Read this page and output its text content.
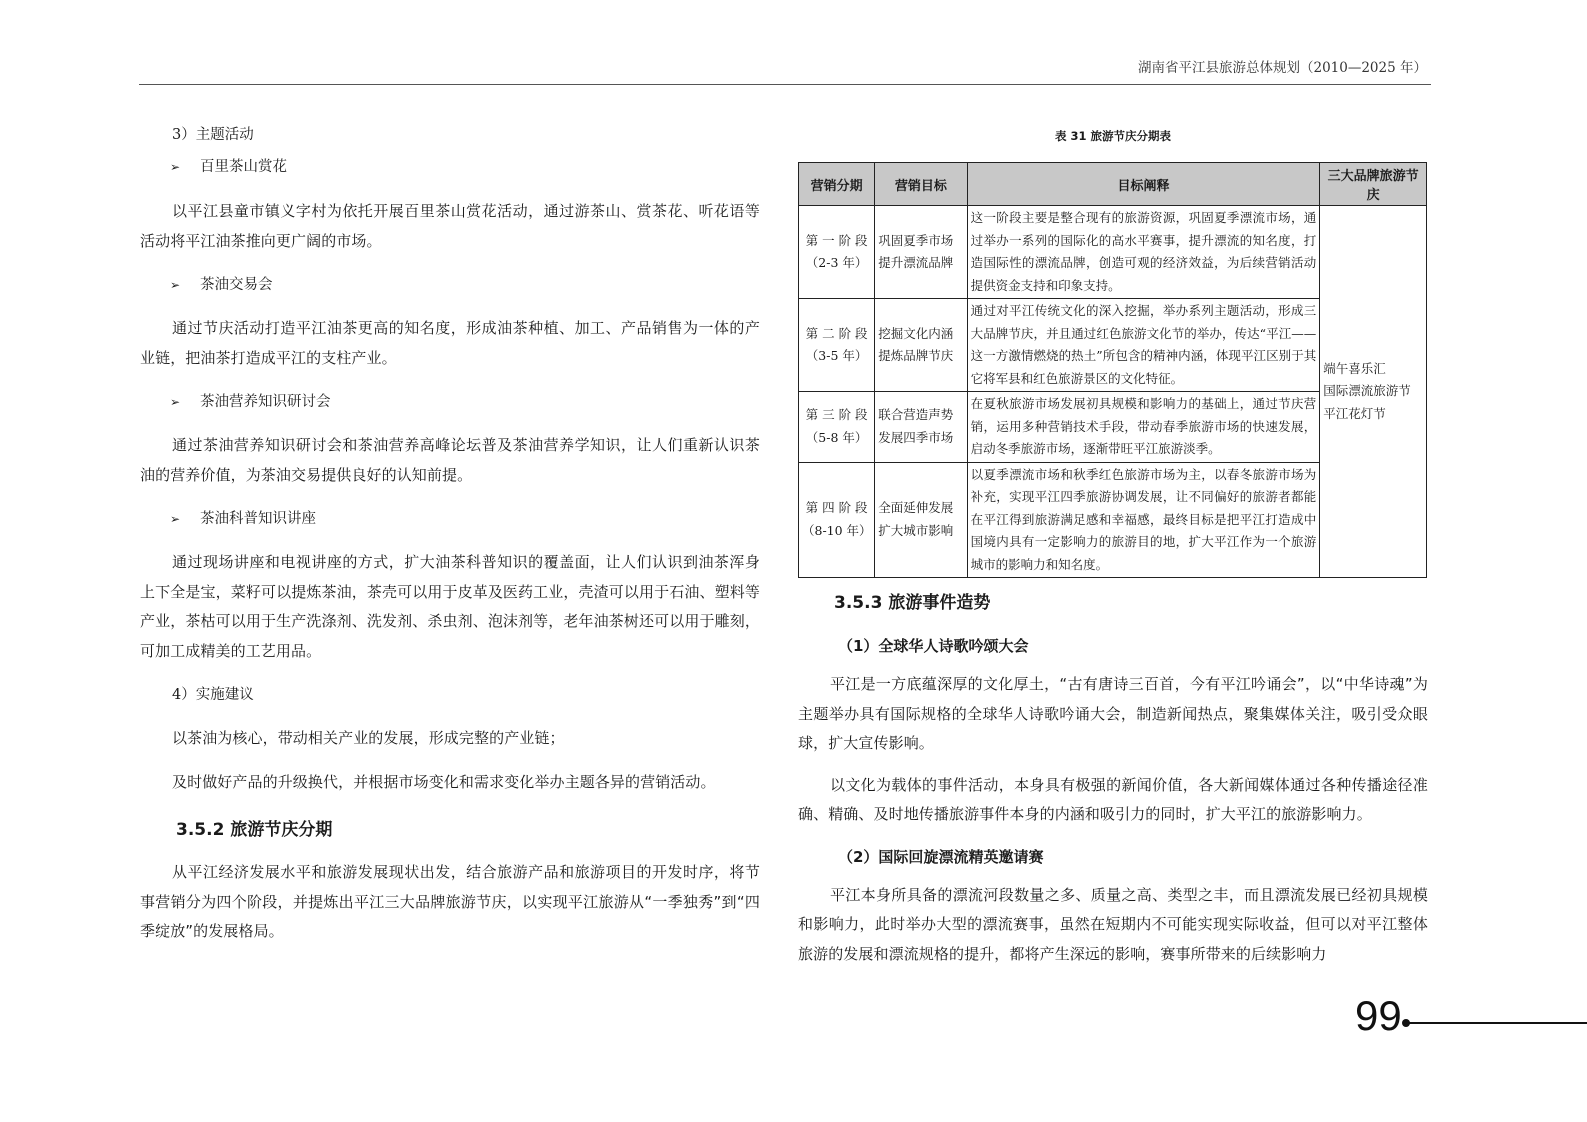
湖南省平江县旅游总体规划（2010—2025 年）
3）主题活动
➢	百里茶山赏花

以平江县童市镇义字村为依托开展百里茶山赏花活动，通过游茶山、赏茶花、听花语等活动将平江油茶推向更广阔的市场。

➢	茶油交易会

通过节庆活动打造平江油茶更高的知名度，形成油茶种植、加工、产品销售为一体的产业链，把油茶打造成平江的支柱产业。

➢	茶油营养知识研讨会

通过茶油营养知识研讨会和茶油营养高峰论坛普及茶油营养学知识，让人们重新认识茶油的营养价值，为茶油交易提供良好的认知前提。

➢	茶油科普知识讲座

通过现场讲座和电视讲座的方式，扩大油茶科普知识的覆盖面，让人们认识到油茶浑身上下全是宝，菜籽可以提炼茶油，茶壳可以用于皮革及医药工业，壳渣可以用于石油、塑料等产业，茶枯可以用于生产洗涤剂、洗发剂、杀虫剂、泡沫剂等，老年油茶树还可以用于雕刻，可加工成精美的工艺用品。

4）实施建议

以茶油为核心，带动相关产业的发展，形成完整的产业链；

及时做好产品的升级换代，并根据市场变化和需求变化举办主题各异的营销活动。

3.5.2 旅游节庆分期

从平江经济发展水平和旅游发展现状出发，结合旅游产品和旅游项目的开发时序，将节事营销分为四个阶段，并提炼出平江三大品牌旅游节庆，以实现平江旅游从“一季独秀”到“四季绽放”的发展格局。

表 31 旅游节庆分期表

营销分期	营销目标	目标阐释	三大品牌旅游节庆

第 一 阶 段
（2-3 年）	巩固夏季市场
提升漂流品牌	这一阶段主要是整合现有的旅游资源，巩固夏季漂流市场，通过举办一系列的国际化的高水平赛事，提升漂流的知名度，打造国际性的漂流品牌，创造可观的经济效益，为后续营销活动提供资金支持和印象支持。	端午喜乐汇
国际漂流旅游节
平江花灯节

第 二 阶 段
（3-5 年）	挖掘文化内涵
提炼品牌节庆	通过对平江传统文化的深入挖掘，举办系列主题活动，形成三大品牌节庆，并且通过红色旅游文化节的举办，传达“平江——这一方激情燃烧的热土”所包含的精神内涵，体现平江区别于其它将军县和红色旅游景区的文化特征。	

第 三 阶 段
（5-8 年）	联合营造声势
发展四季市场	在夏秋旅游市场发展初具规模和影响力的基础上，通过节庆营销，运用多种营销技术手段，带动春季旅游市场的快速发展，启动冬季旅游市场，逐渐带旺平江旅游淡季。	

第 四 阶 段
（8-10 年）	全面延伸发展
扩大城市影响	以夏季漂流市场和秋季红色旅游市场为主，以春冬旅游市场为补充，实现平江四季旅游协调发展，让不同偏好的旅游者都能在平江得到旅游满足感和幸福感，最终目标是把平江打造成中国境内具有一定影响力的旅游目的地，扩大平江作为一个旅游城市的影响力和知名度。	
3.5.3 旅游事件造势
（1）全球华人诗歌吟颂大会

平江是一方底蕴深厚的文化厚土，“古有唐诗三百首，今有平江吟诵会”，以“中华诗魂”为主题举办具有国际规格的全球华人诗歌吟诵大会，制造新闻热点，聚集媒体关注，吸引受众眼球，扩大宣传影响。

以文化为载体的事件活动，本身具有极强的新闻价值，各大新闻媒体通过各种传播途径准确、精确、及时地传播旅游事件本身的内涵和吸引力的同时，扩大平江的旅游影响力。

（2）国际回旋漂流精英邀请赛

平江本身所具备的漂流河段数量之多、质量之高、类型之丰，而且漂流发展已经初具规模和影响力，此时举办大型的漂流赛事，虽然在短期内不可能实现实际收益，但可以对平江整体旅游的发展和漂流规格的提升，都将产生深远的影响，赛事所带来的后续影响力

99
